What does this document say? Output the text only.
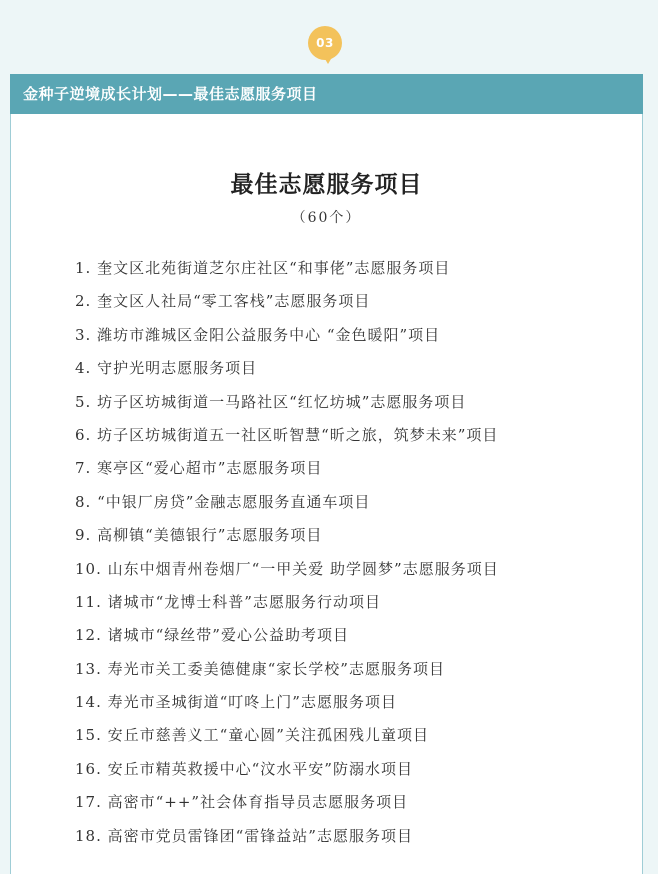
03
金种子逆境成长计划——最佳志愿服务项目
最佳志愿服务项目
（60个）
1. 奎文区北苑街道芝尔庄社区“和事佬”志愿服务项目
2. 奎文区人社局“零工客栈”志愿服务项目
3. 潍坊市潍城区金阳公益服务中心 “金色暖阳”项目
4. 守护光明志愿服务项目
5. 坊子区坊城街道一马路社区“红忆坊城”志愿服务项目
6. 坊子区坊城街道五一社区昕智慧“昕之旅，筑梦未来”项目
7. 寒亭区“爱心超市”志愿服务项目
8. “中银厂房贷”金融志愿服务直通车项目
9. 高柳镇“美德银行”志愿服务项目
10. 山东中烟青州卷烟厂“一甲关爱 助学圆梦”志愿服务项目
11. 诸城市“龙博士科普”志愿服务行动项目
12. 诸城市“绿丝带”爱心公益助考项目
13. 寿光市关工委美德健康“家长学校”志愿服务项目
14. 寿光市圣城街道“叮咚上门”志愿服务项目
15. 安丘市慈善义工“童心圆”关注孤困残儿童项目
16. 安丘市精英救援中心“汶水平安”防溺水项目
17. 高密市“++”社会体育指导员志愿服务项目
18. 高密市党员雷锋团“雷锋益站”志愿服务项目
